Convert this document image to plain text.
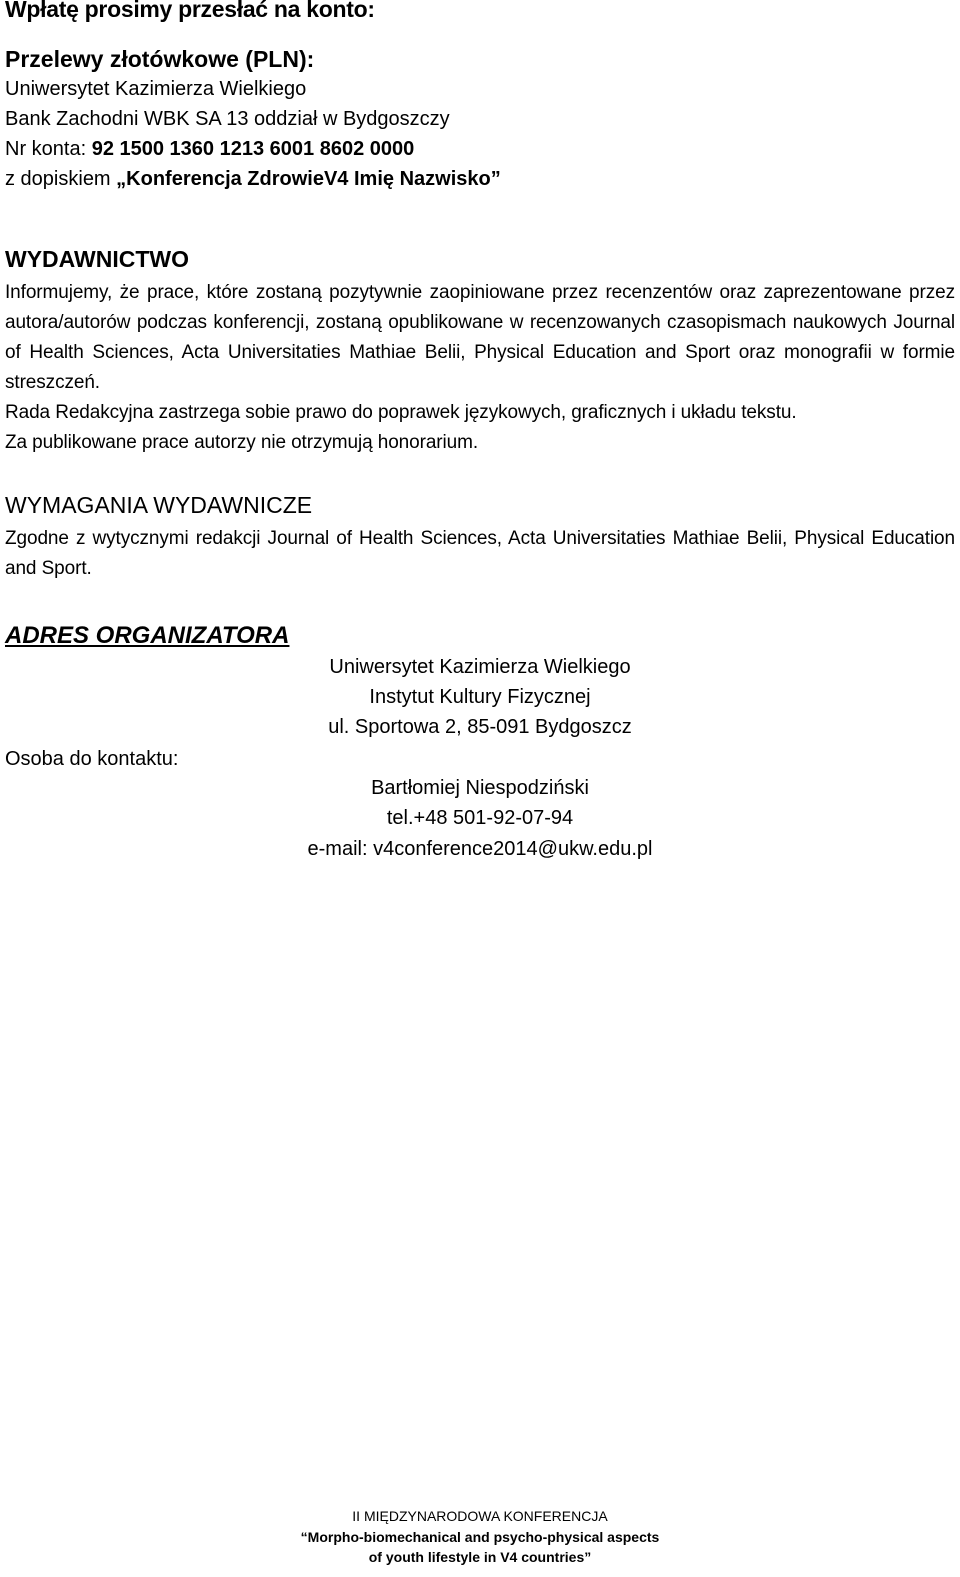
Wpłatę prosimy przesłać na konto:
Przelewy złotówkowe (PLN):

Uniwersytet Kazimierza Wielkiego

Bank Zachodni WBK SA 13 oddział w Bydgoszczy

Nr konta: 92 1500 1360 1213 6001 8602 0000

z dopiskiem „Konferencja ZdrowieV4 Imię Nazwisko”

WYDAWNICTWO

Informujemy, że prace, które zostaną pozytywnie zaopiniowane przez recenzentów oraz zaprezentowane przez autora/autorów podczas konferencji, zostaną opublikowane w recenzowanych czasopismach naukowych Journal of Health Sciences, Acta Universitaties Mathiae Belii, Physical Education and Sport oraz monografii w formie streszczeń.

Rada Redakcyjna zastrzega sobie prawo do poprawek językowych, graficznych i układu tekstu.

Za publikowane prace autorzy nie otrzymują honorarium.

WYMAGANIA WYDAWNICZE

Zgodne z wytycznymi redakcji Journal of Health Sciences, Acta Universitaties Mathiae Belii, Physical Education and Sport.

ADRES ORGANIZATORA

Uniwersytet Kazimierza Wielkiego

Instytut Kultury Fizycznej

ul. Sportowa 2, 85-091 Bydgoszcz

Osoba do kontaktu:

Bartłomiej Niespodziński

tel.+48 501-92-07-94

e-mail: v4conference2014@ukw.edu.pl

II MIĘDZYNARODOWA KONFERENCJA

“Morpho-biomechanical and psycho-physical aspects

of youth lifestyle in V4 countries”
